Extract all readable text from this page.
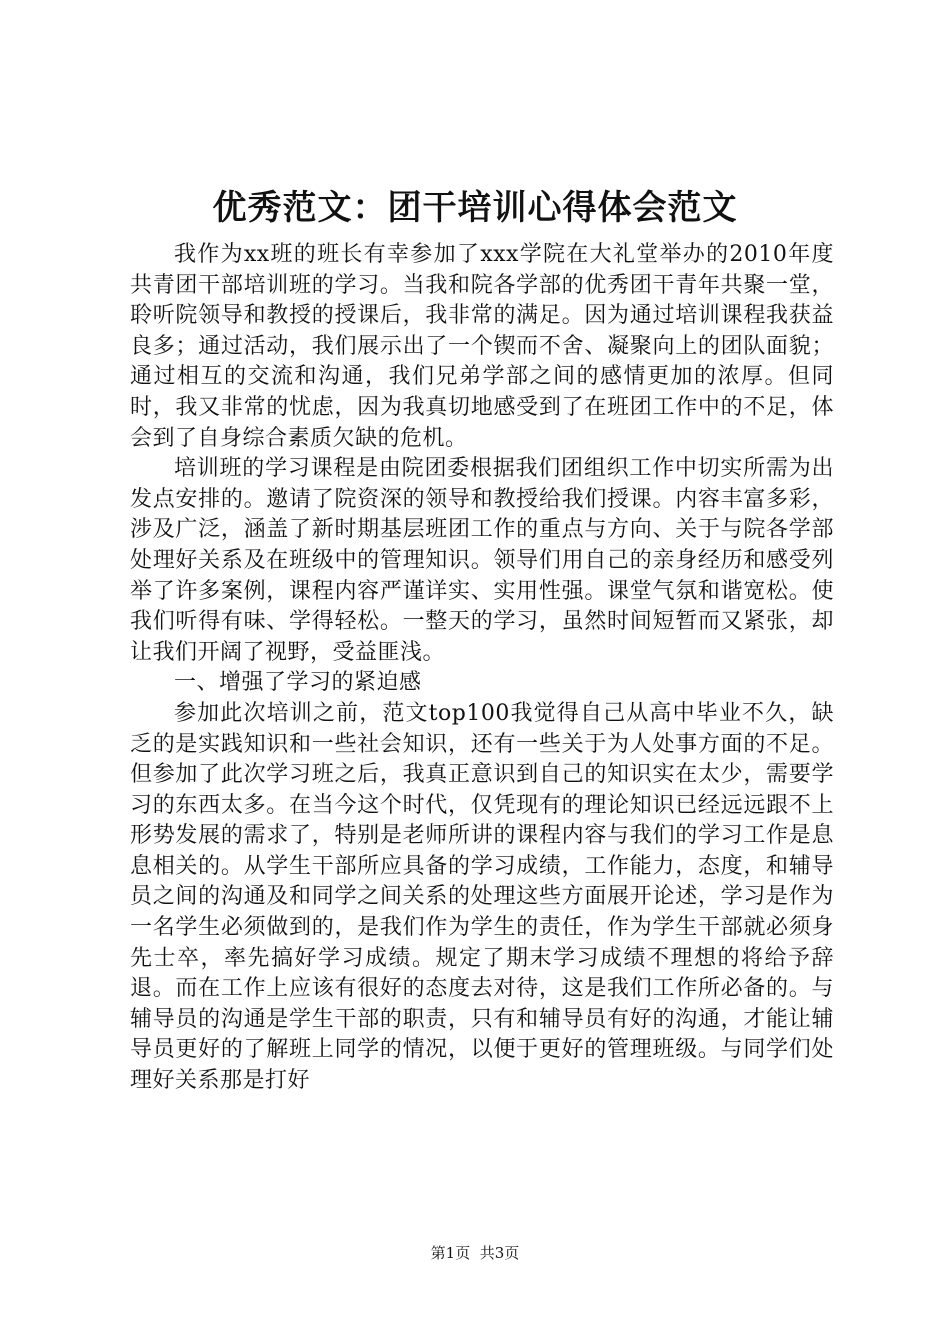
优秀范文：团干培训心得体会范文

我作为xx班的班长有幸参加了xxx学院在大礼堂举办的2010年度共青团干部培训班的学习。当我和院各学部的优秀团干青年共聚一堂，聆听院领导和教授的授课后，我非常的满足。因为通过培训课程我获益良多；通过活动，我们展示出了一个锲而不舍、凝聚向上的团队面貌；通过相互的交流和沟通，我们兄弟学部之间的感情更加的浓厚。但同时，我又非常的忧虑，因为我真切地感受到了在班团工作中的不足，体会到了自身综合素质欠缺的危机。

培训班的学习课程是由院团委根据我们团组织工作中切实所需为出发点安排的。邀请了院资深的领导和教授给我们授课。内容丰富多彩，涉及广泛，涵盖了新时期基层班团工作的重点与方向、关于与院各学部处理好关系及在班级中的管理知识。领导们用自己的亲身经历和感受列举了许多案例，课程内容严谨详实、实用性强。课堂气氛和谐宽松。使我们听得有味、学得轻松。一整天的学习，虽然时间短暂而又紧张，却让我们开阔了视野，受益匪浅。

一、增强了学习的紧迫感

参加此次培训之前，范文top100我觉得自己从高中毕业不久，缺乏的是实践知识和一些社会知识，还有一些关于为人处事方面的不足。但参加了此次学习班之后，我真正意识到自己的知识实在太少，需要学习的东西太多。在当今这个时代，仅凭现有的理论知识已经远远跟不上形势发展的需求了，特别是老师所讲的课程内容与我们的学习工作是息息相关的。从学生干部所应具备的学习成绩，工作能力，态度，和辅导员之间的沟通及和同学之间关系的处理这些方面展开论述，学习是作为一名学生必须做到的，是我们作为学生的责任，作为学生干部就必须身先士卒，率先搞好学习成绩。规定了期末学习成绩不理想的将给予辞退。而在工作上应该有很好的态度去对待，这是我们工作所必备的。与辅导员的沟通是学生干部的职责，只有和辅导员有好的沟通，才能让辅导员更好的了解班上同学的情况，以便于更好的管理班级。与同学们处理好关系那是打好

第1页 共3页
